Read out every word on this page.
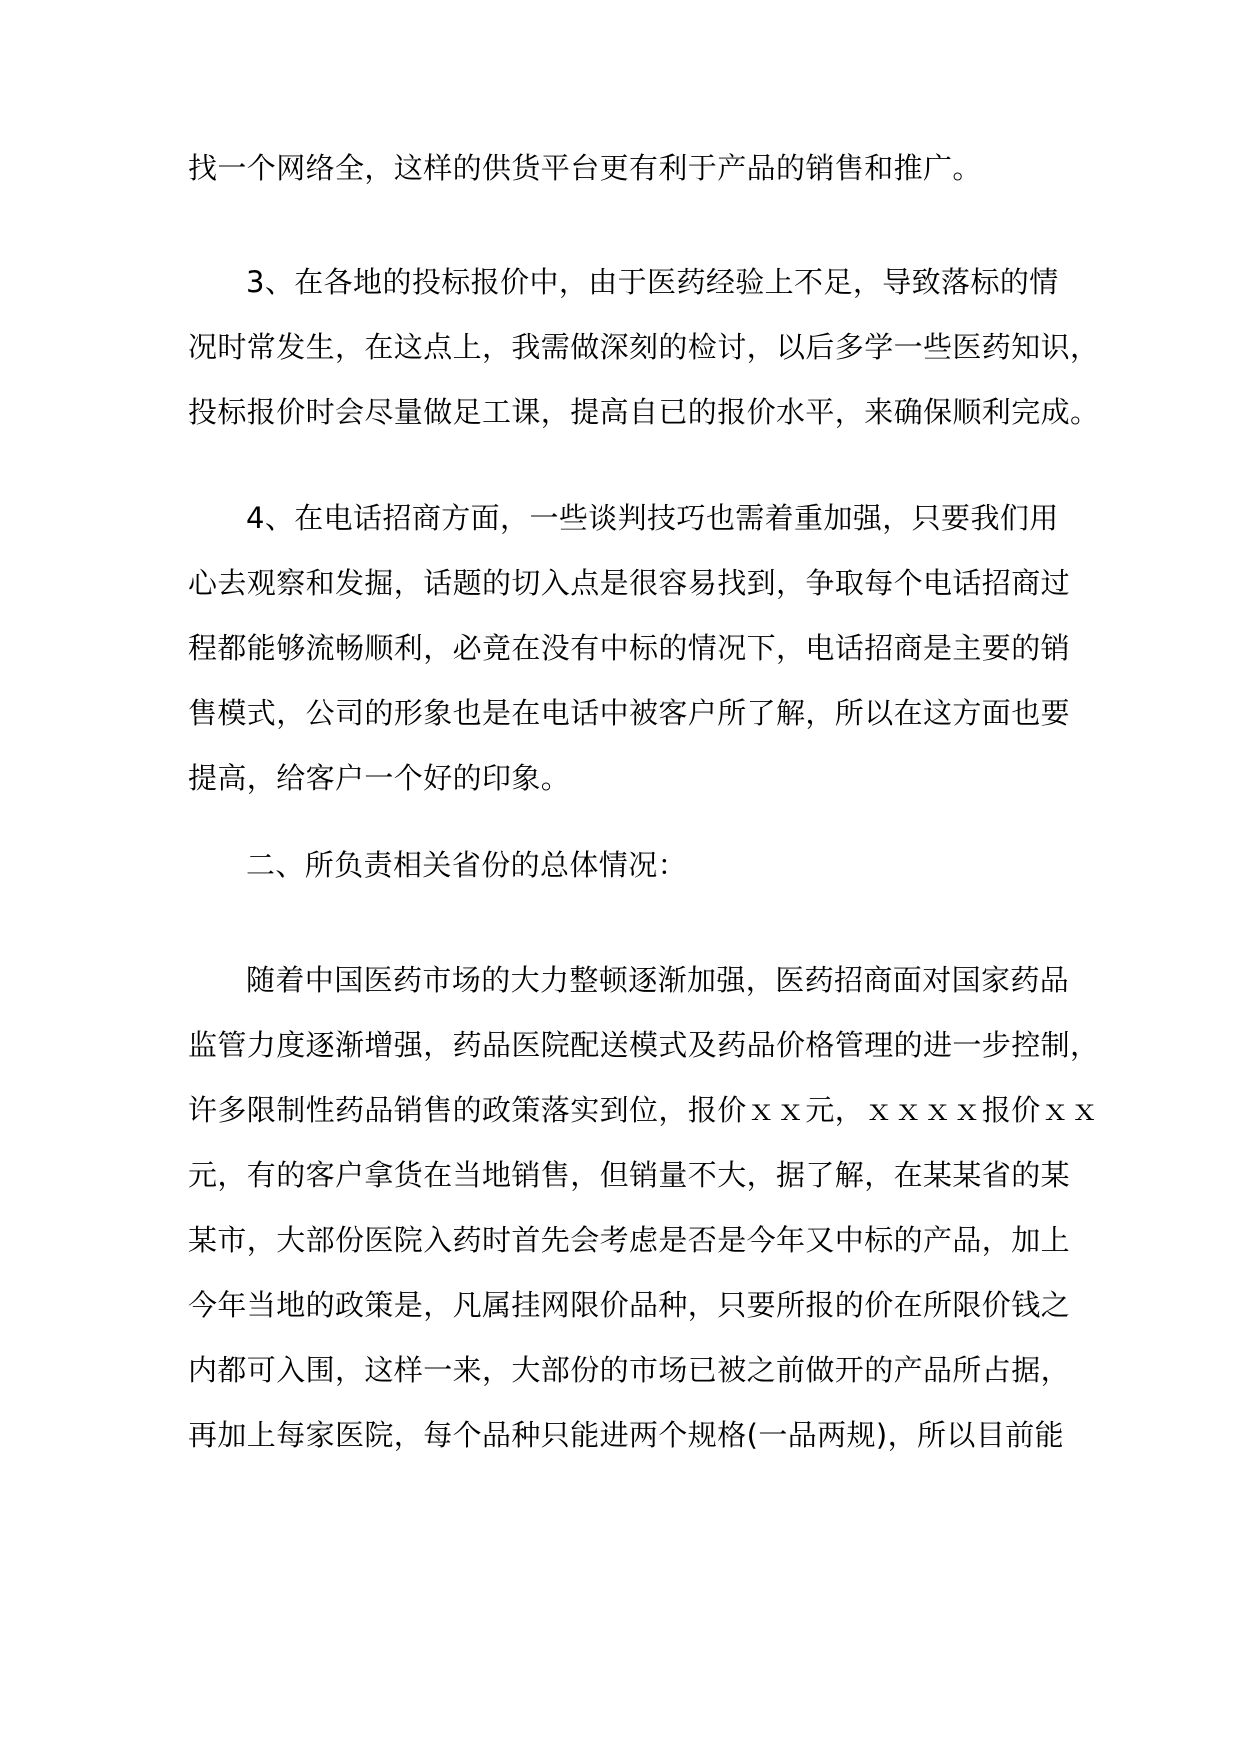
找一个网络全，这样的供货平台更有利于产品的销售和推广。
3、在各地的投标报价中，由于医药经验上不足，导致落标的情
况时常发生，在这点上，我需做深刻的检讨，以后多学一些医药知识，
投标报价时会尽量做足工课，提高自已的报价水平，来确保顺利完成。
4、在电话招商方面，一些谈判技巧也需着重加强，只要我们用
心去观察和发掘，话题的切入点是很容易找到，争取每个电话招商过
程都能够流畅顺利，必竟在没有中标的情况下，电话招商是主要的销
售模式，公司的形象也是在电话中被客户所了解，所以在这方面也要
提高，给客户一个好的印象。
二、所负责相关省份的总体情况：
随着中国医药市场的大力整顿逐渐加强，医药招商面对国家药品
监管力度逐渐增强，药品医院配送模式及药品价格管理的进一步控制，
许多限制性药品销售的政策落实到位，报价ｘｘ元，ｘｘｘｘ报价ｘｘ
元，有的客户拿货在当地销售，但销量不大，据了解，在某某省的某
某市，大部份医院入药时首先会考虑是否是今年又中标的产品，加上
今年当地的政策是，凡属挂网限价品种，只要所报的价在所限价钱之
内都可入围，这样一来，大部份的市场已被之前做开的产品所占据，
再加上每家医院，每个品种只能进两个规格(一品两规)，所以目前能
